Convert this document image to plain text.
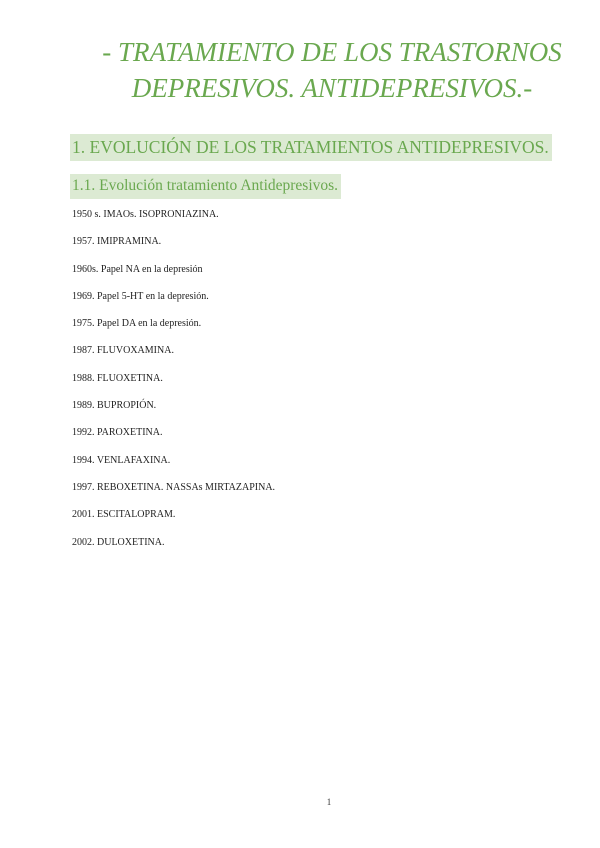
- TRATAMIENTO DE LOS TRASTORNOS
DEPRESIVOS. ANTIDEPRESIVOS.-
1. EVOLUCIÓN DE LOS TRATAMIENTOS ANTIDEPRESIVOS.
1.1. Evolución tratamiento Antidepresivos.
1950 s. IMAOs. ISOPRONIAZINA.
1957. IMIPRAMINA.
1960s. Papel NA en la depresión
1969. Papel 5-HT en la depresión.
1975. Papel DA en la depresión.
1987. FLUVOXAMINA.
1988. FLUOXETINA.
1989. BUPROPIÓN.
1992. PAROXETINA.
1994. VENLAFAXINA.
1997. REBOXETINA. NASSAs MIRTAZAPINA.
2001. ESCITALOPRAM.
2002. DULOXETINA.
1
